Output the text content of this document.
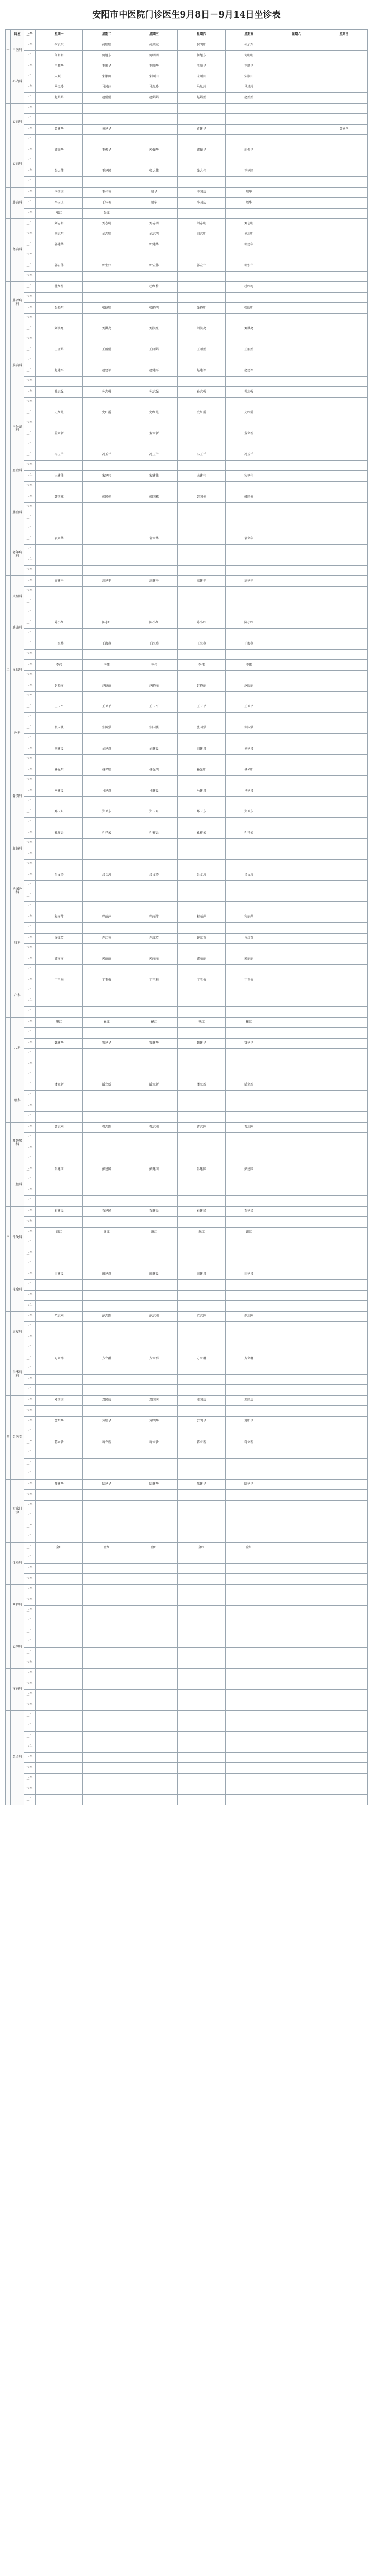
安阳市中医院门诊医生9月8日－9月14日坐诊表
	科室	上午	星期一	星期二	星期三	星期四	星期五	星期六	星期日
一	中医科	上午	何旭东	何明明	何旭东	何明明	何旭东		
		下午	何明明	何旭东	何明明	何旭东	何明明		
	心内科	上午	王顺华	王顺华	王顺华	王顺华	王顺华		
		下午	宋顺田	宋顺田	宋顺田	宋顺田	宋顺田		
		上午	马凤玲	马凤玲	马凤玲	马凤玲	马凤玲		
		下午	赵娟娟	赵娟娟	赵娟娟	赵娟娟	赵娟娟		
	心病科一	上午							
		下午							
		上午	黄建华	黄建华		黄建华			黄建华
		下午							
	心病科二	上午	郭振华	王振华	郭振华	郭振华	胡振华		
		下午							
		上午	张大伟	王建国	张大伟	张大伟	王建国		
		下午							
	肺病科	上午	李国庆	王桂英	周华	李国庆	周华		
		下午	李国庆	王桂英	周华	李国庆	周华		
		上午	张红	张红					
	肾病科	上午	刘志明	刘志明	刘志明	刘志明	刘志明		
		下午	刘志明	刘志明	刘志明	刘志明	刘志明		
		上午	郭建华		郭建华		郭建华		
		下午							
		上午	郭宏伟	郭宏伟	郭宏伟	郭宏伟	郭宏伟		
		下午							
	脾胃病科	上午	杜红梅		杜红梅		杜红梅		
		下午							
		上午	张晓明	张晓明	张晓明	张晓明	张晓明		
		下午							
	脑病科	上午	刘洪亮	刘洪亮	刘洪亮	刘洪亮	刘洪亮		
		下午							
		上午	王丽娟	王丽娟	王丽娟	王丽娟	王丽娟		
		下午							
		上午	赵建军	赵建军	赵建军	赵建军	赵建军		
		下午							
		上午	孙志强	孙志强	孙志强	孙志强	孙志强		
		下午							
	内分泌科	上午	史红霞	史红霞	史红霞	史红霞	史红霞		
		下午							
		上午	董立新		董立新		董立新		
		下午							
	血液科	上午	冯玉兰	冯玉兰	冯玉兰	冯玉兰	冯玉兰		
		下午							
		上午	宋建伟	宋建伟	宋建伟	宋建伟	宋建伟		
		下午							
	肿瘤科	上午	韩国栋	韩国栋	韩国栋	韩国栋	韩国栋		
		下午							
		上午							
		下午							
	老年病科	上午	袁立华		袁立华		袁立华		
		下午							
		上午							
		下午							
	风湿科	上午	高建平	高建平	高建平	高建平	高建平		
		下午							
		上午							
		下午							
	感染科	上午	陈小红	陈小红	陈小红	陈小红	陈小红		
		下午							
二	皮肤科	上午	王海燕	王海燕	王海燕	王海燕	王海燕		
		下午							
		上午	李伟	李伟	李伟	李伟	李伟		
		下午							
		上午	赵晓丽	赵晓丽	赵晓丽	赵晓丽	赵晓丽		
		下午							
	外科	上午	王卫平	王卫平	王卫平	王卫平	王卫平		
		下午							
		上午	张国强	张国强	张国强	张国强	张国强		
		下午							
		上午	刘建设	刘建设	刘建设	刘建设	刘建设		
		下午							
	骨伤科	上午	杨光明	杨光明	杨光明	杨光明	杨光明		
		下午							
		上午	马建设	马建设	马建设	马建设	马建设		
		下午							
		上午	郑卫东	郑卫东	郑卫东	郑卫东	郑卫东		
		下午							
	肛肠科	上午	孔祥云	孔祥云	孔祥云	孔祥云	孔祥云		
		下午							
		上午							
		下午							
	泌尿外科	上午	吕文涛	吕文涛	吕文涛	吕文涛	吕文涛		
		下午							
		上午							
		下午							
	妇科	上午	程丽萍	程丽萍	程丽萍	程丽萍	程丽萍		
		下午							
		上午	许红英	许红英	许红英	许红英	许红英		
		下午							
		上午	郭丽丽	郭丽丽	郭丽丽	郭丽丽	郭丽丽		
		下午							
	产科	上午	丁玉梅	丁玉梅	丁玉梅	丁玉梅	丁玉梅		
		下午							
		上午							
		下午							
	儿科	上午	崔红	崔红	崔红	崔红	崔红		
		下午							
		上午	魏建华	魏建华	魏建华	魏建华	魏建华		
		下午							
		上午							
		下午							
	眼科	上午	潘立新	潘立新	潘立新	潘立新	潘立新		
		下午							
		上午							
		下午							
	耳鼻喉科	上午	曹志刚	曹志刚	曹志刚	曹志刚	曹志刚		
		下午							
		上午							
		下午							
	口腔科	上午	彭建国	彭建国	彭建国	彭建国	彭建国		
		下午							
		上午							
		下午							
三	针灸科	上午	石建民	石建民	石建民	石建民	石建民		
		下午							
		上午	谢红	谢红	谢红	谢红	谢红		
		下午							
		上午							
		下午							
	推拿科	上午	田建设	田建设	田建设	田建设	田建设		
		下午							
		上午							
		下午							
	康复科	上午	范志刚	范志刚	范志刚	范志刚	范志刚		
		下午							
		上午							
		下午							
	治未病科	上午	方立群	方立群	方立群	方立群	方立群		
		下午							
		上午							
		下午							
四	名医堂	上午	邓国庆	邓国庆	邓国庆	邓国庆	邓国庆		
		下午							
		上午	苏明华	苏明华	苏明华	苏明华	苏明华		
		下午							
		上午	蒋立新	蒋立新	蒋立新	蒋立新	蒋立新		
		下午							
		上午							
		下午							
	专家门诊	上午	陆建华	陆建华	陆建华	陆建华	陆建华		
		下午							
		上午							
		下午							
		上午							
		下午							
	体检科	上午	金红	金红	金红	金红	金红		
		下午							
		上午							
		下午							
	营养科	上午							
		下午							
		上午							
		下午							
	心理科	上午							
		下午							
		上午							
		下午							
	疼痛科	上午							
		下午							
		上午							
		下午							
	急诊科	上午							
		下午							
		上午							
		下午							
		上午							
		下午							
		上午							
		下午							
		上午							
